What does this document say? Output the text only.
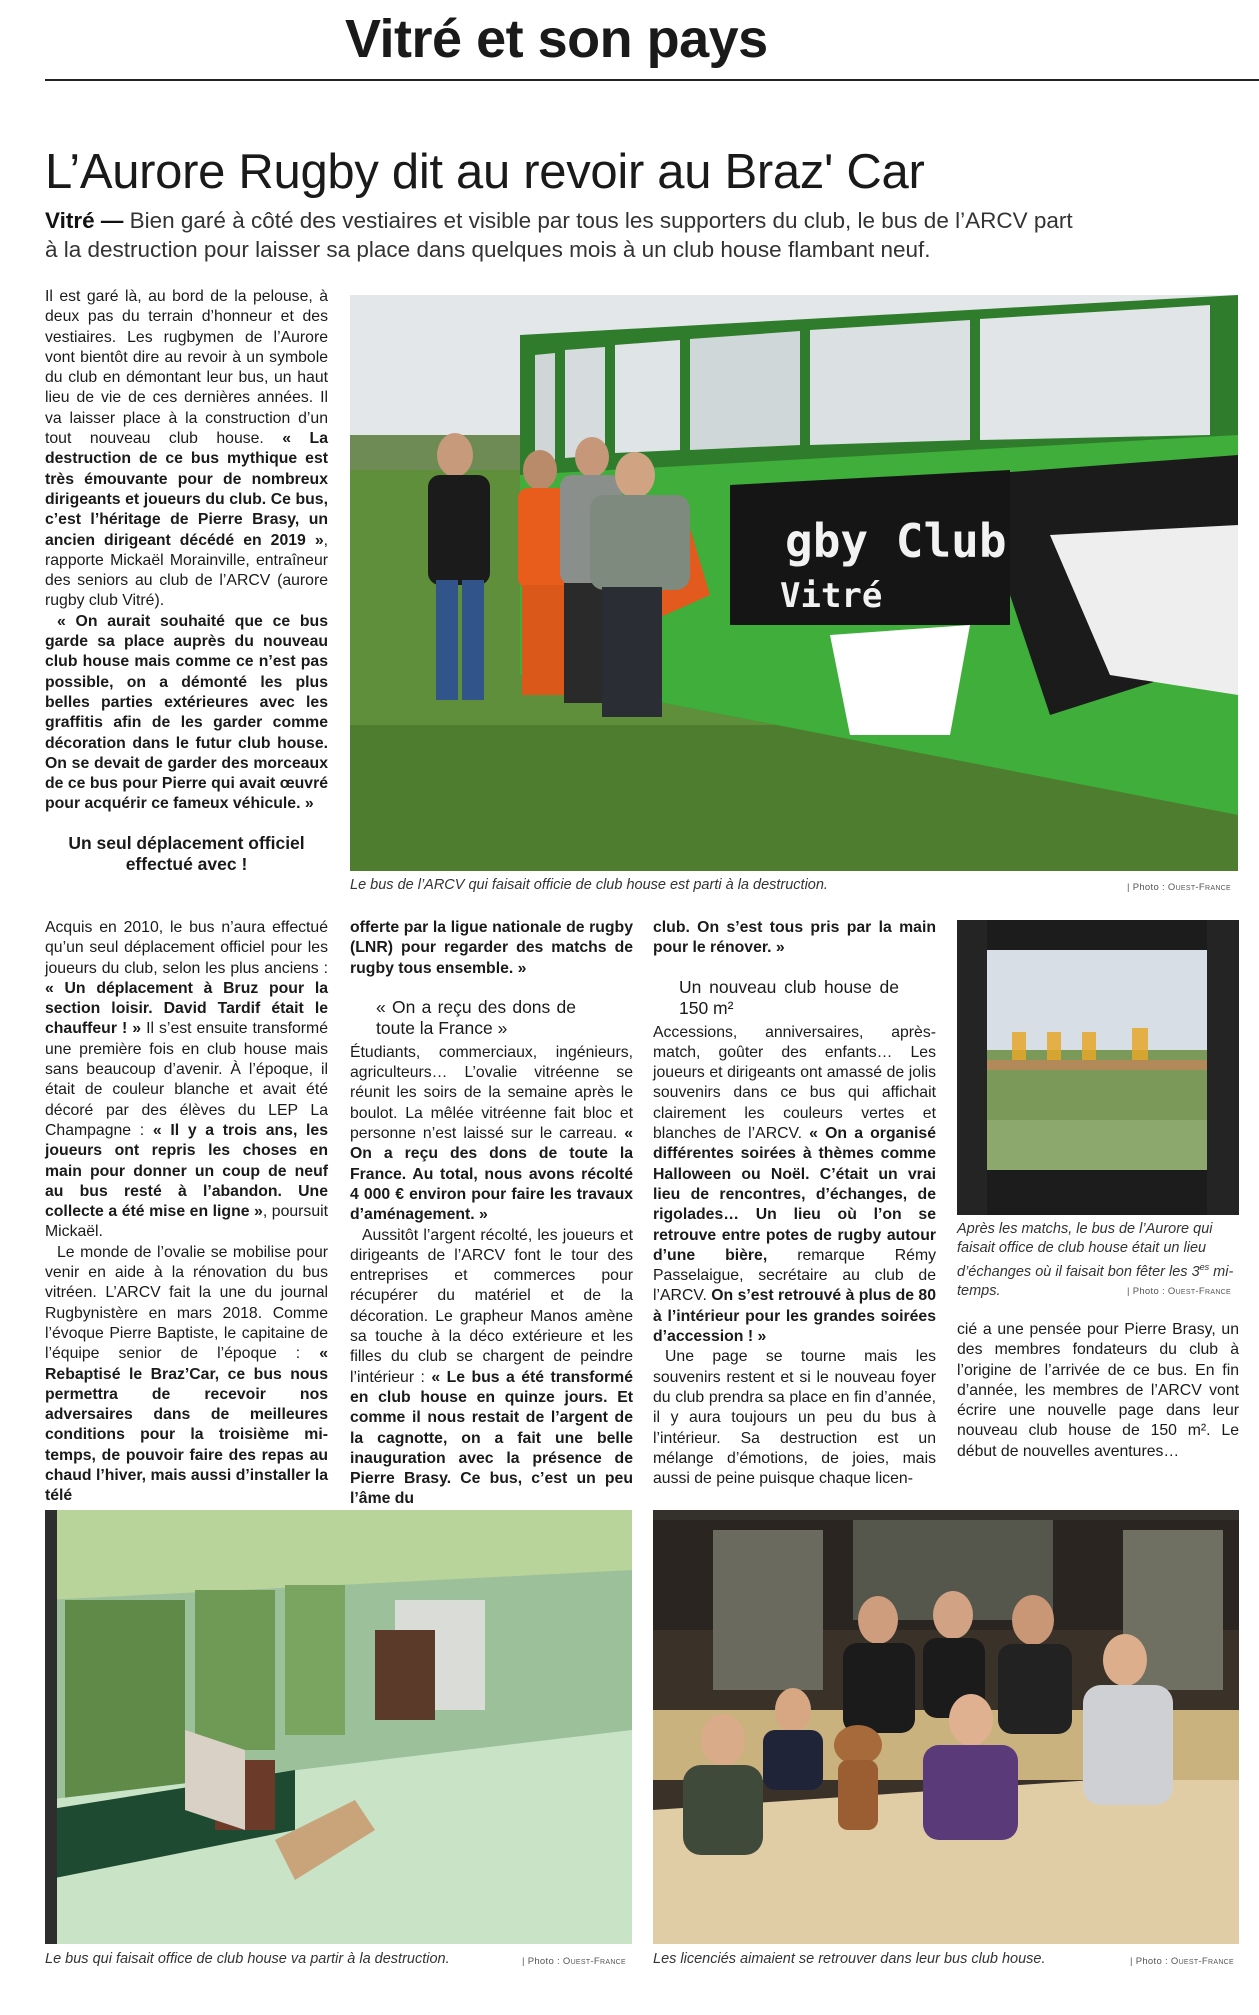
Vitré et son pays
L’Aurore Rugby dit au revoir au Braz' Car

Vitré — Bien garé à côté des vestiaires et visible par tous les supporters du club, le bus de l’ARCV part à la destruction pour laisser sa place dans quelques mois à un club house flambant neuf.

Il est garé là, au bord de la pelouse, à deux pas du terrain d’honneur et des vestiaires. Les rugbymen de l’Aurore vont bientôt dire au revoir à un symbole du club en démontant leur bus, un haut lieu de vie de ces dernières années. Il va laisser place à la construction d’un tout nouveau club house. « La destruction de ce bus mythique est très émouvante pour de nombreux dirigeants et joueurs du club. Ce bus, c’est l’héritage de Pierre Brasy, un ancien dirigeant décédé en 2019 », rapporte Mickaël Morainville, entraîneur des seniors au club de l’ARCV (aurore rugby club Vitré).

« On aurait souhaité que ce bus garde sa place auprès du nouveau club house mais comme ce n’est pas possible, on a démonté les plus belles parties extérieures avec les graffitis afin de les garder comme décoration dans le futur club house. On se devait de garder des morceaux de ce bus pour Pierre qui avait œuvré pour acquérir ce fameux véhicule. »

Un seul déplacement officiel effectué avec !
gby Club
Vitré
Le bus de l’ARCV qui faisait officie de club house est parti à la destruction.	| Photo : Ouest-France

Acquis en 2010, le bus n’aura effectué qu’un seul déplacement officiel pour les joueurs du club, selon les plus anciens : « Un déplacement à Bruz pour la section loisir. David Tardif était le chauffeur ! » Il s’est ensuite transformé une première fois en club house mais sans beaucoup d’avenir. À l’époque, il était de couleur blanche et avait été décoré par des élèves du LEP La Champagne : « Il y a trois ans, les joueurs ont repris les choses en main pour donner un coup de neuf au bus resté à l’abandon. Une collecte a été mise en ligne », poursuit Mickaël.

Le monde de l’ovalie se mobilise pour venir en aide à la rénovation du bus vitréen. L’ARCV fait la une du journal Rugbynistère en mars 2018. Comme l’évoque Pierre Baptiste, le capitaine de l’équipe senior de l’époque : « Rebaptisé le Braz’Car, ce bus nous permettra de recevoir nos adversaires dans de meilleures conditions pour la troisième mi-temps, de pouvoir faire des repas au chaud l’hiver, mais aussi d’installer la télé

offerte par la ligue nationale de rugby (LNR) pour regarder des matchs de rugby tous ensemble. »

« On a reçu des dons de toute la France »

Étudiants, commerciaux, ingénieurs, agriculteurs… L’ovalie vitréenne se réunit les soirs de la semaine après le boulot. La mêlée vitréenne fait bloc et personne n’est laissé sur le carreau. « On a reçu des dons de toute la France. Au total, nous avons récolté 4 000 € environ pour faire les travaux d’aménagement. »

Aussitôt l’argent récolté, les joueurs et dirigeants de l’ARCV font le tour des entreprises et commerces pour récupérer du matériel et de la décoration. Le grapheur Manos amène sa touche à la déco extérieure et les filles du club se chargent de peindre l’intérieur : « Le bus a été transformé en club house en quinze jours. Et comme il nous restait de l’argent de la cagnotte, on a fait une belle inauguration avec la présence de Pierre Brasy. Ce bus, c’est un peu l’âme du

club. On s’est tous pris par la main pour le rénover. »

Un nouveau club house de 150 m²

Accessions, anniversaires, après-match, goûter des enfants… Les joueurs et dirigeants ont amassé de jolis souvenirs dans ce bus qui affichait clairement les couleurs vertes et blanches de l’ARCV. « On a organisé différentes soirées à thèmes comme Halloween ou Noël. C’était un vrai lieu de rencontres, d’échanges, de rigolades… Un lieu où l’on se retrouve entre potes de rugby autour d’une bière, remarque Rémy Passelaigue, secrétaire au club de l’ARCV. On s’est retrouvé à plus de 80 à l’intérieur pour les grandes soirées d’accession ! »

Une page se tourne mais les souvenirs restent et si le nouveau foyer du club prendra sa place en fin d’année, il y aura toujours un peu du bus à l’intérieur. Sa destruction est un mélange d’émotions, de joies, mais aussi de peine puisque chaque licen-

Après les matchs, le bus de l’Aurore qui faisait office de club house était un lieu d’échanges où il faisait bon fêter les $3^{es}$ mi-temps.	| Photo : Ouest-France

cié a une pensée pour Pierre Brasy, un des membres fondateurs du club à l’origine de l’arrivée de ce bus. En fin d’année, les membres de l’ARCV vont écrire une nouvelle page dans leur nouveau club house de 150 m². Le début de nouvelles aventures…

Le bus qui faisait office de club house va partir à la destruction.	| Photo : Ouest-France Les licenciés aimaient se retrouver dans leur bus club house.	| Photo : Ouest-France
